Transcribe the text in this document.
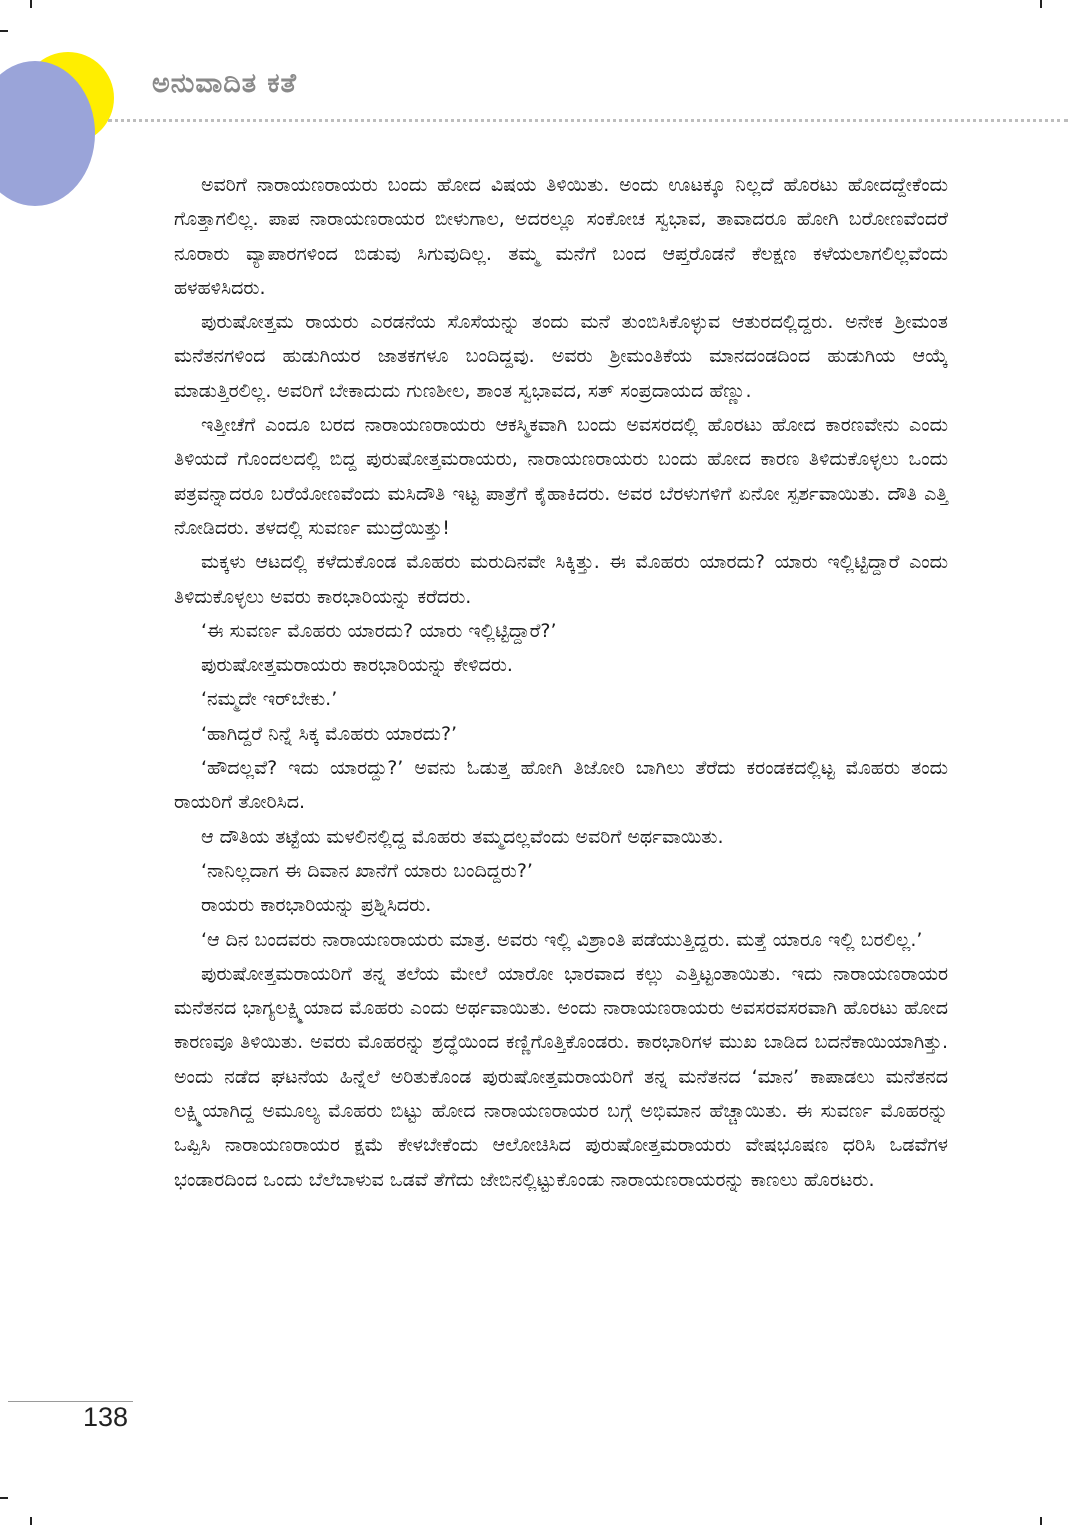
ಅನುವಾದಿತ ಕತೆ

ಅವರಿಗೆ ನಾರಾಯಣರಾಯರು ಬಂದು ಹೋದ ವಿಷಯ ತಿಳಿಯಿತು. ಅಂದು ಊಟಕ್ಕೂ ನಿಲ್ಲದೆ ಹೊರಟು ಹೋದದ್ದೇಕೆಂದು ಗೊತ್ತಾಗಲಿಲ್ಲ. ಪಾಪ ನಾರಾಯಣರಾಯರ ಬೀಳುಗಾಲ, ಅದರಲ್ಲೂ ಸಂಕೋಚ ಸ್ವಭಾವ, ತಾವಾದರೂ ಹೋಗಿ ಬರೋಣವೆಂದರೆ ನೂರಾರು ವ್ಯಾಪಾರಗಳಿಂದ ಬಿಡುವು ಸಿಗುವುದಿಲ್ಲ. ತಮ್ಮ ಮನೆಗೆ ಬಂದ ಆಪ್ತರೊಡನೆ ಕೆಲಕ್ಷಣ ಕಳೆಯಲಾಗಲಿಲ್ಲವೆಂದು ಹಳಹಳಿಸಿದರು.

ಪುರುಷೋತ್ತಮ ರಾಯರು ಎರಡನೆಯ ಸೊಸೆಯನ್ನು ತಂದು ಮನೆ ತುಂಬಿಸಿಕೊಳ್ಳುವ ಆತುರದಲ್ಲಿದ್ದರು. ಅನೇಕ ಶ್ರೀಮಂತ ಮನೆತನಗಳಿಂದ ಹುಡುಗಿಯರ ಜಾತಕಗಳೂ ಬಂದಿದ್ದವು. ಅವರು ಶ್ರೀಮಂತಿಕೆಯ ಮಾನದಂಡದಿಂದ ಹುಡುಗಿಯ ಆಯ್ಕೆ ಮಾಡುತ್ತಿರಲಿಲ್ಲ. ಅವರಿಗೆ ಬೇಕಾದುದು ಗುಣಶೀಲ, ಶಾಂತ ಸ್ವಭಾವದ, ಸತ್ ಸಂಪ್ರದಾಯದ ಹೆಣ್ಣು.

ಇತ್ತೀಚೆಗೆ ಎಂದೂ ಬರದ ನಾರಾಯಣರಾಯರು ಆಕಸ್ಮಿಕವಾಗಿ ಬಂದು ಅವಸರದಲ್ಲಿ ಹೊರಟು ಹೋದ ಕಾರಣವೇನು ಎಂದು ತಿಳಿಯದೆ ಗೊಂದಲದಲ್ಲಿ ಬಿದ್ದ ಪುರುಷೋತ್ತಮರಾಯರು, ನಾರಾಯಣರಾಯರು ಬಂದು ಹೋದ ಕಾರಣ ತಿಳಿದುಕೊಳ್ಳಲು ಒಂದು ಪತ್ರವನ್ನಾದರೂ ಬರೆಯೋಣವೆಂದು ಮಸಿದೌತಿ ಇಟ್ಟ ಪಾತ್ರೆಗೆ ಕೈಹಾಕಿದರು. ಅವರ ಬೆರಳುಗಳಿಗೆ ಏನೋ ಸ್ಪರ್ಶವಾಯಿತು. ದೌತಿ ಎತ್ತಿ ನೋಡಿದರು. ತಳದಲ್ಲಿ ಸುವರ್ಣ ಮುದ್ರೆಯಿತ್ತು!

ಮಕ್ಕಳು ಆಟದಲ್ಲಿ ಕಳೆದುಕೊಂಡ ಮೊಹರು ಮರುದಿನವೇ ಸಿಕ್ಕಿತ್ತು. ಈ ಮೊಹರು ಯಾರದು? ಯಾರು ಇಲ್ಲಿಟ್ಟಿದ್ದಾರೆ ಎಂದು ತಿಳಿದುಕೊಳ್ಳಲು ಅವರು ಕಾರಭಾರಿಯನ್ನು ಕರೆದರು.

‘ಈ ಸುವರ್ಣ ಮೊಹರು ಯಾರದು? ಯಾರು ಇಲ್ಲಿಟ್ಟಿದ್ದಾರೆ?’

ಪುರುಷೋತ್ತಮರಾಯರು ಕಾರಭಾರಿಯನ್ನು ಕೇಳಿದರು.

‘ನಮ್ಮದೇ ಇರ್‌ಬೇಕು.’

‘ಹಾಗಿದ್ದರೆ ನಿನ್ನೆ ಸಿಕ್ಕ ಮೊಹರು ಯಾರದು?’

‘ಹೌದಲ್ಲವೆ? ಇದು ಯಾರದ್ದು?’ ಅವನು ಓಡುತ್ತ ಹೋಗಿ ತಿಜೋರಿ ಬಾಗಿಲು ತೆರೆದು ಕರಂಡಕದಲ್ಲಿಟ್ಟ ಮೊಹರು ತಂದು ರಾಯರಿಗೆ ತೋರಿಸಿದ.

ಆ ದೌತಿಯ ತಟ್ಟೆಯ ಮಳಲಿನಲ್ಲಿದ್ದ ಮೊಹರು ತಮ್ಮದಲ್ಲವೆಂದು ಅವರಿಗೆ ಅರ್ಥವಾಯಿತು.

‘ನಾನಿಲ್ಲದಾಗ ಈ ದಿವಾನ ಖಾನೆಗೆ ಯಾರು ಬಂದಿದ್ದರು?’

ರಾಯರು ಕಾರಭಾರಿಯನ್ನು ಪ್ರಶ್ನಿಸಿದರು.

‘ಆ ದಿನ ಬಂದವರು ನಾರಾಯಣರಾಯರು ಮಾತ್ರ. ಅವರು ಇಲ್ಲಿ ವಿಶ್ರಾಂತಿ ಪಡೆಯುತ್ತಿದ್ದರು. ಮತ್ತೆ ಯಾರೂ ಇಲ್ಲಿ ಬರಲಿಲ್ಲ.’

ಪುರುಷೋತ್ತಮರಾಯರಿಗೆ ತನ್ನ ತಲೆಯ ಮೇಲೆ ಯಾರೋ ಭಾರವಾದ ಕಲ್ಲು ಎತ್ತಿಟ್ಟಂತಾಯಿತು. ಇದು ನಾರಾಯಣರಾಯರ ಮನೆತನದ ಭಾಗ್ಯಲಕ್ಷ್ಮಿಯಾದ ಮೊಹರು ಎಂದು ಅರ್ಥವಾಯಿತು. ಅಂದು ನಾರಾಯಣರಾಯರು ಅವಸರವಸರವಾಗಿ ಹೊರಟು ಹೋದ ಕಾರಣವೂ ತಿಳಿಯಿತು. ಅವರು ಮೊಹರನ್ನು ಶ್ರದ್ಧೆಯಿಂದ ಕಣ್ಣಿಗೊತ್ತಿಕೊಂಡರು. ಕಾರಭಾರಿಗಳ ಮುಖ ಬಾಡಿದ ಬದನೆಕಾಯಿಯಾಗಿತ್ತು. ಅಂದು ನಡೆದ ಘಟನೆಯ ಹಿನ್ನೆಲೆ ಅರಿತುಕೊಂಡ ಪುರುಷೋತ್ತಮರಾಯರಿಗೆ ತನ್ನ ಮನೆತನದ ‘ಮಾನ’ ಕಾಪಾಡಲು ಮನೆತನದ ಲಕ್ಷ್ಮಿಯಾಗಿದ್ದ ಅಮೂಲ್ಯ ಮೊಹರು ಬಿಟ್ಟು ಹೋದ ನಾರಾಯಣರಾಯರ ಬಗ್ಗೆ ಅಭಿಮಾನ ಹೆಚ್ಚಾಯಿತು. ಈ ಸುವರ್ಣ ಮೊಹರನ್ನು ಒಪ್ಪಿಸಿ ನಾರಾಯಣರಾಯರ ಕ್ಷಮೆ ಕೇಳಬೇಕೆಂದು ಆಲೋಚಿಸಿದ ಪುರುಷೋತ್ತಮರಾಯರು ವೇಷಭೂಷಣ ಧರಿಸಿ ಒಡವೆಗಳ ಭಂಡಾರದಿಂದ ಒಂದು ಬೆಲೆಬಾಳುವ ಒಡವೆ ತೆಗೆದು ಜೇಬಿನಲ್ಲಿಟ್ಟುಕೊಂಡು ನಾರಾಯಣರಾಯರನ್ನು ಕಾಣಲು ಹೊರಟರು.

138
